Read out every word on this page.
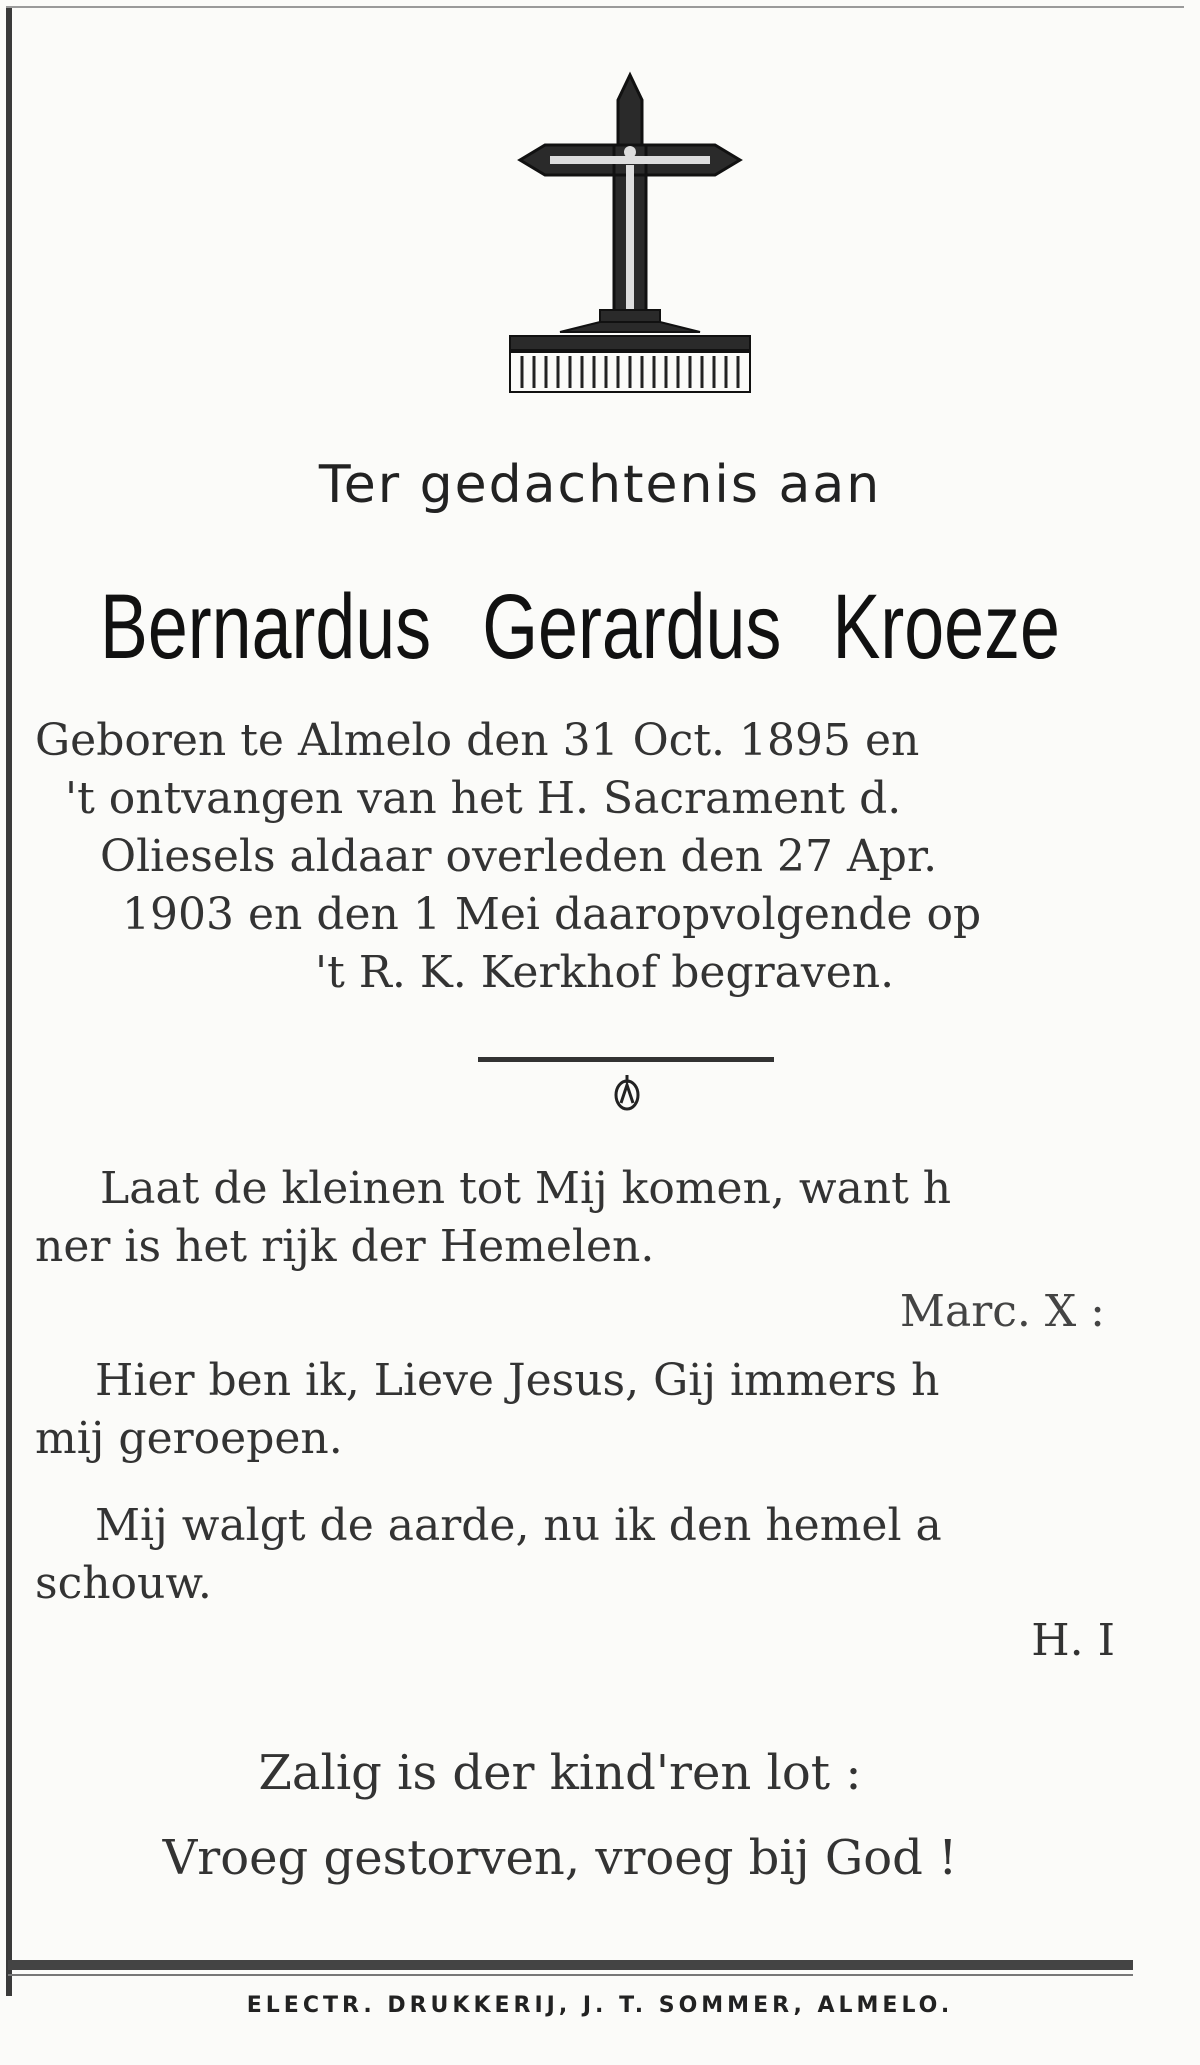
Ter gedachtenis aan
Bernardus Gerardus Kroeze
Geboren te Almelo den 31 Oct. 1895 en
't ontvangen van het H. Sacrament d.
Oliesels aldaar overleden den 27 Apr.
1903 en den 1 Mei daaropvolgende op
't R. K. Kerkhof begraven.
Laat de kleinen tot Mij komen, want h
ner is het rijk der Hemelen.
Marc. X :
Hier ben ik, Lieve Jesus, Gij immers h
mij geroepen.
Mij walgt de aarde, nu ik den hemel a
schouw.
H. I
Zalig is der kind'ren lot :
Vroeg gestorven, vroeg bij God !
ELECTR. DRUKKERIJ, J. T. SOMMER, ALMELO.
